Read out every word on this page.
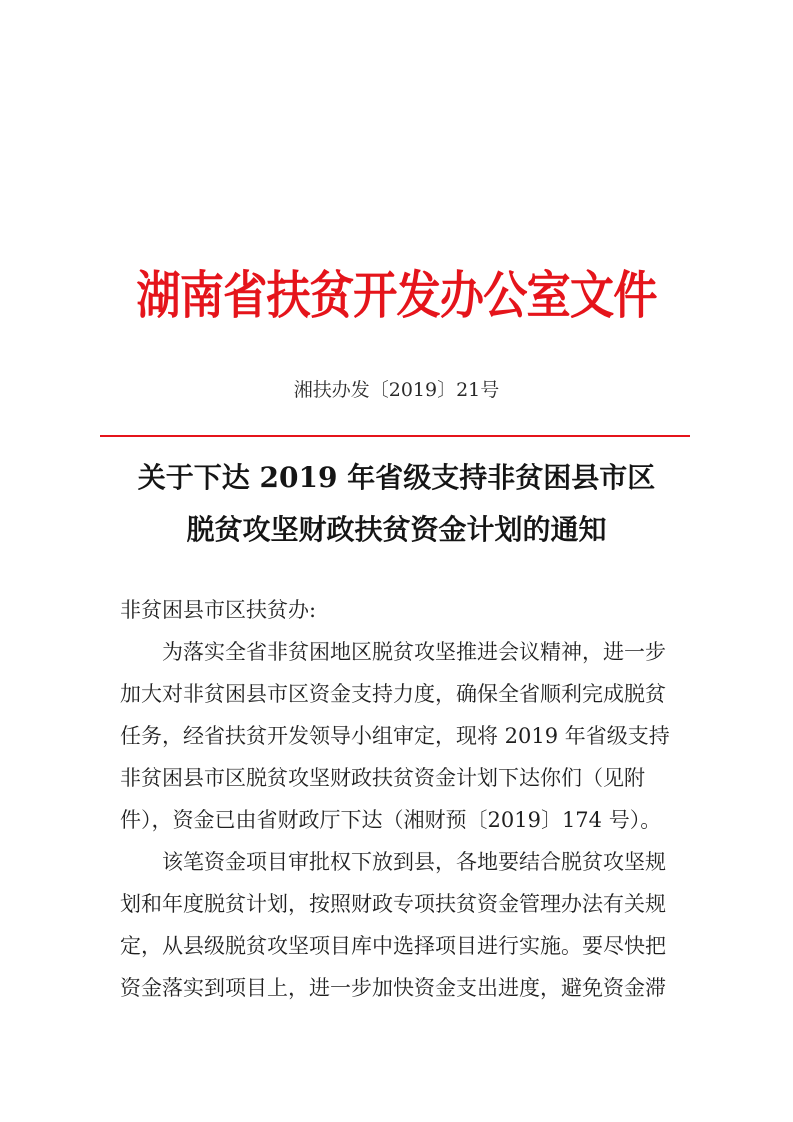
湖南省扶贫开发办公室文件
湘扶办发〔2019〕21号
关于下达 2019 年省级支持非贫困县市区
脱贫攻坚财政扶贫资金计划的通知
非贫困县市区扶贫办:
为落实全省非贫困地区脱贫攻坚推进会议精神，进一步
加大对非贫困县市区资金支持力度，确保全省顺利完成脱贫
任务，经省扶贫开发领导小组审定，现将 2019 年省级支持
非贫困县市区脱贫攻坚财政扶贫资金计划下达你们（见附
件），资金已由省财政厅下达（湘财预〔2019〕174 号）。
该笔资金项目审批权下放到县，各地要结合脱贫攻坚规
划和年度脱贫计划，按照财政专项扶贫资金管理办法有关规
定，从县级脱贫攻坚项目库中选择项目进行实施。要尽快把
资金落实到项目上，进一步加快资金支出进度，避免资金滞
